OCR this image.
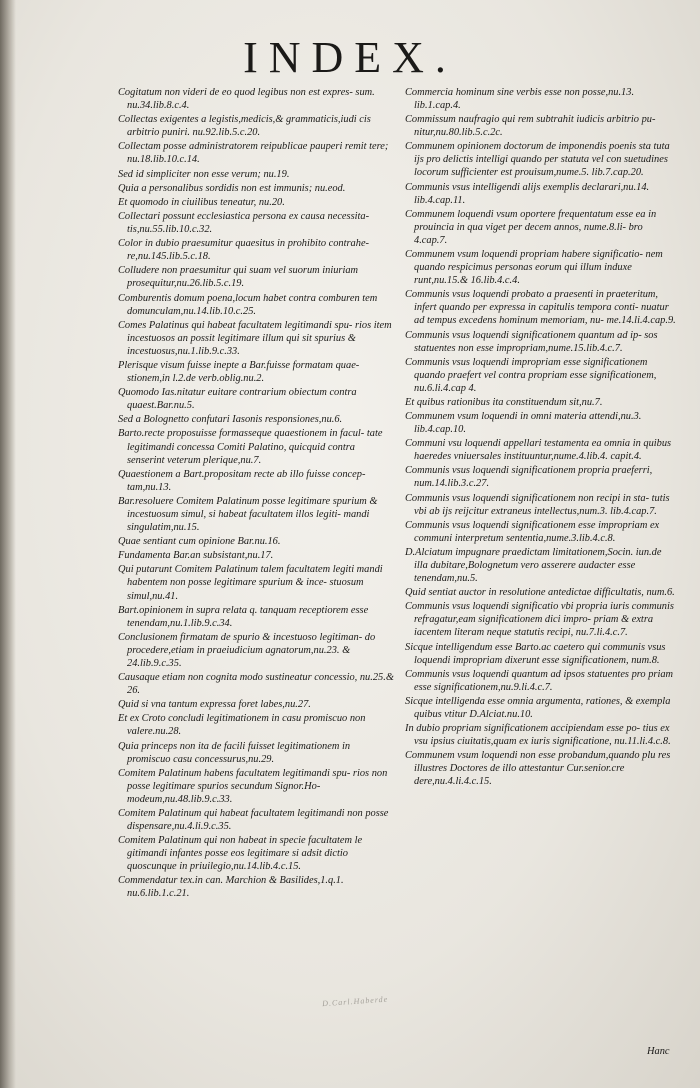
INDEX.

Cogitatum non videri de eo quod legibus non est expres- sum. nu.34.lib.8.c.4.

Collectas exigentes a legistis,medicis,& grammaticis,iudi cis arbitrio puniri. nu.92.lib.5.c.20.

Collectam posse administratorem reipublicae pauperi remit tere; nu.18.lib.10.c.14.

Sed id simpliciter non esse verum; nu.19.

Quia a personalibus sordidis non est immunis; nu.eod.

Et quomodo in ciuilibus teneatur, nu.20.

Collectari possunt ecclesiastica persona ex causa necessita- tis,nu.55.lib.10.c.32.

Color in dubio praesumitur quaesitus in prohibito contrahe- re,nu.145.lib.5.c.18.

Colludere non praesumitur qui suam vel suorum iniuriam prosequitur,nu.26.lib.5.c.19.

Comburentis domum poena,locum habet contra comburen tem domunculam,nu.14.lib.10.c.25.

Comes Palatinus qui habeat facultatem legitimandi spu- rios item incestuosos an possit legitimare illum qui sit spurius & incestuosus,nu.1.lib.9.c.33.

Plerisque visum fuisse inepte a Bar.fuisse formatam quae- stionem,in l.2.de verb.oblig.nu.2.

Quomodo Ias.nitatur euitare contrarium obiectum contra quaest.Bar.nu.5.

Sed a Bolognetto confutari Iasonis responsiones,nu.6.

Barto.recte proposuisse formasseque quaestionem in facul- tate legitimandi concessa Comiti Palatino, quicquid contra senserint veterum plerique,nu.7.

Quaestionem a Bart.propositam recte ab illo fuisse concep- tam,nu.13.

Bar.resoluere Comitem Palatinum posse legitimare spurium & incestuosum simul, si habeat facultatem illos legiti- mandi singulatim,nu.15.

Quae sentiant cum opinione Bar.nu.16.

Fundamenta Bar.an subsistant,nu.17.

Qui putarunt Comitem Palatinum talem facultatem legiti mandi habentem non posse legitimare spurium & ince- stuosum simul,nu.41.

Bart.opinionem in supra relata q. tanquam receptiorem esse tenendam,nu.1.lib.9.c.34.

Conclusionem firmatam de spurio & incestuoso legitiman- do procedere,etiam in praeiudicium agnatorum,nu.23. & 24.lib.9.c.35.

Causaque etiam non cognita modo sustineatur concessio, nu.25.& 26.

Quid si vna tantum expressa foret labes,nu.27.

Et ex Croto concludi legitimationem in casu promiscuo non valere.nu.28.

Quia princeps non ita de facili fuisset legitimationem in promiscuo casu concessurus,nu.29.

Comitem Palatinum habens facultatem legitimandi spu- rios non posse legitimare spurios secundum Signor.Ho- modeum,nu.48.lib.9.c.33.

Comitem Palatinum qui habeat facultatem legitimandi non posse dispensare,nu.4.li.9.c.35.

Comitem Palatinum qui non habeat in specie facultatem le gitimandi infantes posse eos legitimare si adsit dictio quoscunque in priuilegio,nu.14.lib.4.c.15.

Commendatur tex.in can. Marchion & Basilides,1.q.1. nu.6.lib.1.c.21.

Commercia hominum sine verbis esse non posse,nu.13. lib.1.cap.4.

Commissum naufragio qui rem subtrahit iudicis arbitrio pu- nitur,nu.80.lib.5.c.2c.

Communem opinionem doctorum de imponendis poenis sta tuta ijs pro delictis intelligi quando per statuta vel con suetudines locorum sufficienter est prouisum,nume.5. lib.7.cap.20.

Communis vsus intelligendi alijs exemplis declarari,nu.14. lib.4.cap.11.

Communem loquendi vsum oportere frequentatum esse ea in prouincia in qua viget per decem annos, nume.8.li- bro 4.cap.7.

Communem vsum loquendi propriam habere significatio- nem quando respicimus personas eorum qui illum induxe runt,nu.15.& 16.lib.4.c.4.

Communis vsus loquendi probato a praesenti in praeteritum, infert quando per expressa in capitulis tempora conti- nuatur ad tempus excedens hominum memoriam, nu- me.14.li.4.cap.9.

Communis vsus loquendi significationem quantum ad ip- sos statuentes non esse impropriam,nume.15.lib.4.c.7.

Communis vsus loquendi impropriam esse significationem quando praefert vel contra propriam esse significationem, nu.6.li.4.cap 4.

Et quibus rationibus ita constituendum sit,nu.7.

Communem vsum loquendi in omni materia attendi,nu.3. lib.4.cap.10.

Communi vsu loquendi appellari testamenta ea omnia in quibus haeredes vniuersales instituuntur,nume.4.lib.4. capit.4.

Communis vsus loquendi significationem propria praeferri, num.14.lib.3.c.27.

Communis vsus loquendi significationem non recipi in sta- tutis vbi ab ijs reijcitur extraneus intellectus,num.3. lib.4.cap.7.

Communis vsus loquendi significationem esse impropriam ex communi interpretum sententia,nume.3.lib.4.c.8.

D.Alciatum impugnare praedictam limitationem,Socin. iun.de illa dubitare,Bolognetum vero asserere audacter esse tenendam,nu.5.

Quid sentiat auctor in resolutione antedictae difficultatis, num.6.

Communis vsus loquendi significatio vbi propria iuris communis refragatur,eam significationem dici impro- priam & extra iacentem literam neque statutis recipi, nu.7.li.4.c.7.

Sicque intelligendum esse Barto.ac caetero qui communis vsus loquendi impropriam dixerunt esse significationem, num.8.

Communis vsus loquendi quantum ad ipsos statuentes pro priam esse significationem,nu.9.li.4.c.7.

Sicque intelligenda esse omnia argumenta, rationes, & exempla quibus vtitur D.Alciat.nu.10.

In dubio propriam significationem accipiendam esse po- tius ex vsu ipsius ciuitatis,quam ex iuris significatione, nu.11.li.4.c.8.

Communem vsum loquendi non esse probandum,quando plu res illustres Doctores de illo attestantur Cur.senior.cre dere,nu.4.li.4.c.15.

D.Carl.Haberde
Hanc
